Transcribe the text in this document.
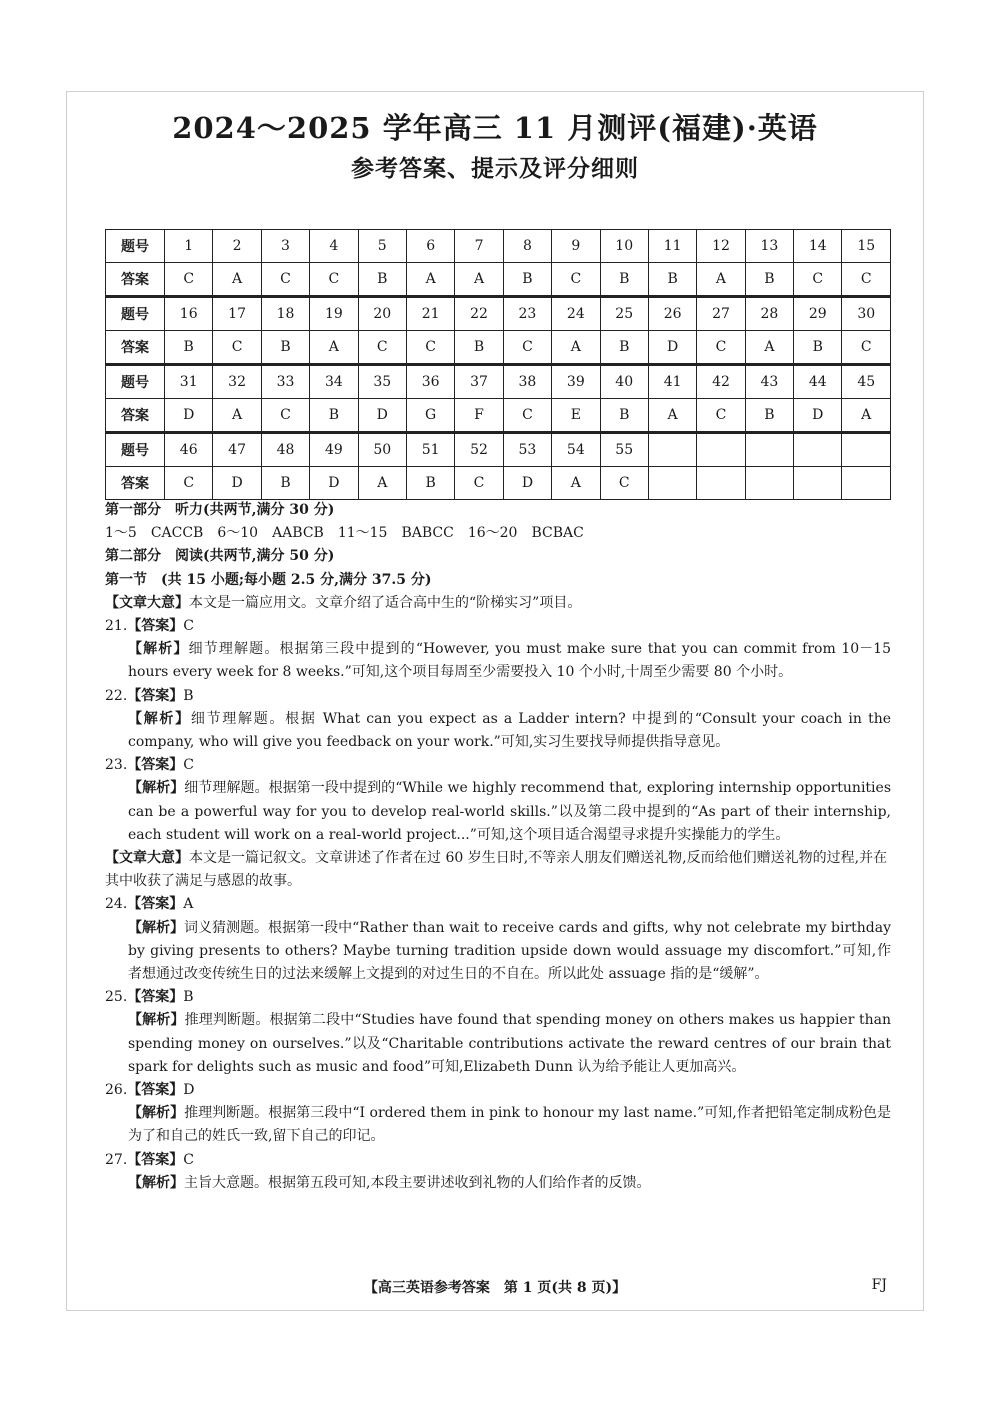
2024～2025 学年高三 11 月测评(福建)·英语
参考答案、提示及评分细则
题号	1	2	3	4	5	6	7	8	9	10	11	12	13	14	15
答案	C	A	C	C	B	A	A	B	C	B	B	A	B	C	C
题号	16	17	18	19	20	21	22	23	24	25	26	27	28	29	30
答案	B	C	B	A	C	C	B	C	A	B	D	C	A	B	C
题号	31	32	33	34	35	36	37	38	39	40	41	42	43	44	45
答案	D	A	C	B	D	G	F	C	E	B	A	C	B	D	A
题号	46	47	48	49	50	51	52	53	54	55					
答案	C	D	B	D	A	B	C	D	A	C					

第一部分　听力(共两节,满分 30 分)

1～5　CACCB　6～10　AABCB　11～15　BABCC　16～20　BCBAC

第二部分　阅读(共两节,满分 50 分)

第一节　(共 15 小题;每小题 2.5 分,满分 37.5 分)

【文章大意】本文是一篇应用文。文章介绍了适合高中生的“阶梯实习”项目。

21.【答案】C

【解析】细节理解题。根据第三段中提到的“However, you must make sure that you can commit from 10－15 hours every week for 8 weeks.”可知,这个项目每周至少需要投入 10 个小时,十周至少需要 80 个小时。

22.【答案】B

【解析】细节理解题。根据 What can you expect as a Ladder intern? 中提到的“Consult your coach in the company, who will give you feedback on your work.”可知,实习生要找导师提供指导意见。

23.【答案】C

【解析】细节理解题。根据第一段中提到的“While we highly recommend that, exploring internship opportunities can be a powerful way for you to develop real-world skills.”以及第二段中提到的“As part of their internship, each student will work on a real-world project...”可知,这个项目适合渴望寻求提升实操能力的学生。

【文章大意】本文是一篇记叙文。文章讲述了作者在过 60 岁生日时,不等亲人朋友们赠送礼物,反而给他们赠送礼物的过程,并在其中收获了满足与感恩的故事。

24.【答案】A

【解析】词义猜测题。根据第一段中“Rather than wait to receive cards and gifts, why not celebrate my birthday by giving presents to others? Maybe turning tradition upside down would assuage my discomfort.”可知,作者想通过改变传统生日的过法来缓解上文提到的对过生日的不自在。所以此处 assuage 指的是“缓解”。

25.【答案】B

【解析】推理判断题。根据第二段中“Studies have found that spending money on others makes us happier than spending money on ourselves.”以及“Charitable contributions activate the reward centres of our brain that spark for delights such as music and food”可知,Elizabeth Dunn 认为给予能让人更加高兴。

26.【答案】D

【解析】推理判断题。根据第三段中“I ordered them in pink to honour my last name.”可知,作者把铅笔定制成粉色是为了和自己的姓氏一致,留下自己的印记。

27.【答案】C

【解析】主旨大意题。根据第五段可知,本段主要讲述收到礼物的人们给作者的反馈。

【高三英语参考答案　第 1 页(共 8 页)】	FJ
